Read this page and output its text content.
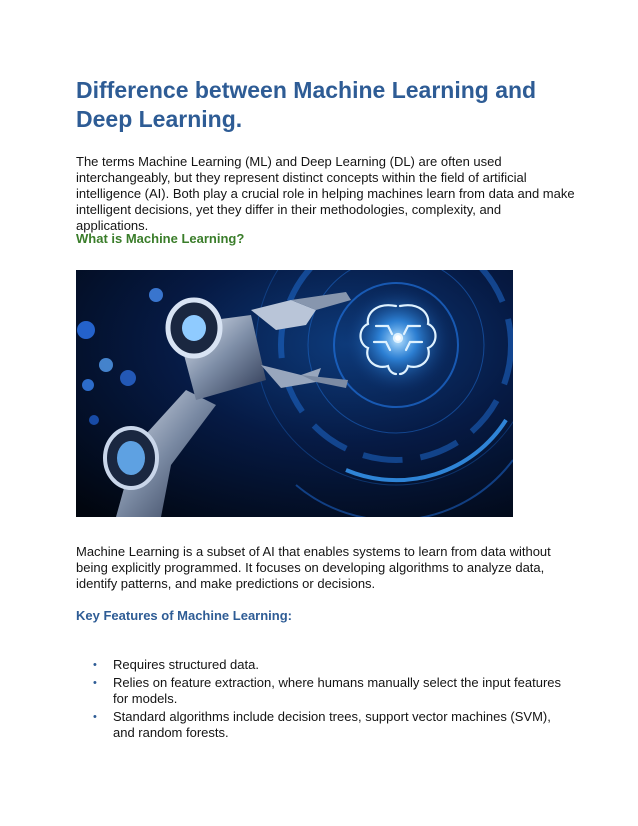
Difference between Machine Learning and Deep Learning.

The terms Machine Learning (ML) and Deep Learning (DL) are often used interchangeably, but they represent distinct concepts within the field of artificial intelligence (AI). Both play a crucial role in helping machines learn from data and make intelligent decisions, yet they differ in their methodologies, complexity, and applications.

What is Machine Learning?

Machine Learning is a subset of AI that enables systems to learn from data without being explicitly programmed. It focuses on developing algorithms to analyze data, identify patterns, and make predictions or decisions.

Key Features of Machine Learning:
• Requires structured data.
• Relies on feature extraction, where humans manually select the input features for models.
• Standard algorithms include decision trees, support vector machines (SVM), and random forests.
